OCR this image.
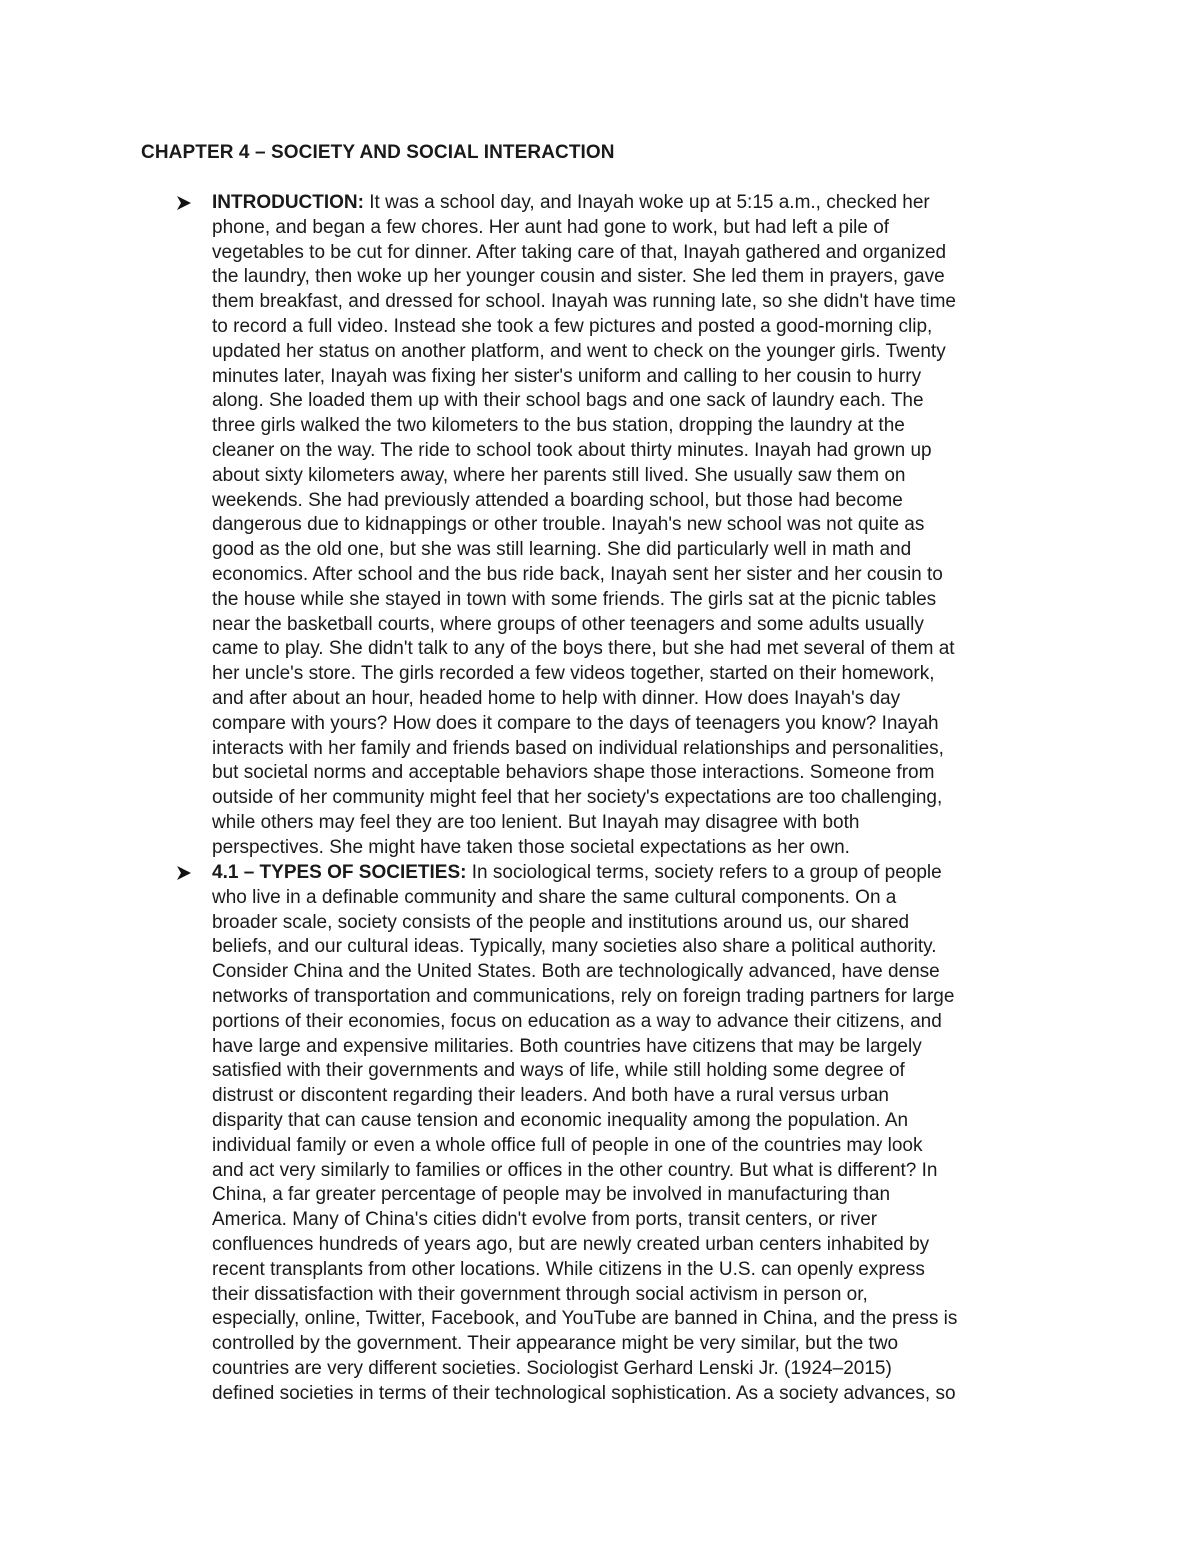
CHAPTER 4 – SOCIETY AND SOCIAL INTERACTION

INTRODUCTION: It was a school day, and Inayah woke up at 5:15 a.m., checked her
phone, and began a few chores. Her aunt had gone to work, but had left a pile of
vegetables to be cut for dinner. After taking care of that, Inayah gathered and organized
the laundry, then woke up her younger cousin and sister. She led them in prayers, gave
them breakfast, and dressed for school. Inayah was running late, so she didn't have time
to record a full video. Instead she took a few pictures and posted a good-morning clip,
updated her status on another platform, and went to check on the younger girls. Twenty
minutes later, Inayah was fixing her sister's uniform and calling to her cousin to hurry
along. She loaded them up with their school bags and one sack of laundry each. The
three girls walked the two kilometers to the bus station, dropping the laundry at the
cleaner on the way. The ride to school took about thirty minutes. Inayah had grown up
about sixty kilometers away, where her parents still lived. She usually saw them on
weekends. She had previously attended a boarding school, but those had become
dangerous due to kidnappings or other trouble. Inayah's new school was not quite as
good as the old one, but she was still learning. She did particularly well in math and
economics. After school and the bus ride back, Inayah sent her sister and her cousin to
the house while she stayed in town with some friends. The girls sat at the picnic tables
near the basketball courts, where groups of other teenagers and some adults usually
came to play. She didn't talk to any of the boys there, but she had met several of them at
her uncle's store. The girls recorded a few videos together, started on their homework,
and after about an hour, headed home to help with dinner. How does Inayah's day
compare with yours? How does it compare to the days of teenagers you know? Inayah
interacts with her family and friends based on individual relationships and personalities,
but societal norms and acceptable behaviors shape those interactions. Someone from
outside of her community might feel that her society's expectations are too challenging,
while others may feel they are too lenient. But Inayah may disagree with both
perspectives. She might have taken those societal expectations as her own.

4.1 – TYPES OF SOCIETIES: In sociological terms, society refers to a group of people
who live in a definable community and share the same cultural components. On a
broader scale, society consists of the people and institutions around us, our shared
beliefs, and our cultural ideas. Typically, many societies also share a political authority.
Consider China and the United States. Both are technologically advanced, have dense
networks of transportation and communications, rely on foreign trading partners for large
portions of their economies, focus on education as a way to advance their citizens, and
have large and expensive militaries. Both countries have citizens that may be largely
satisfied with their governments and ways of life, while still holding some degree of
distrust or discontent regarding their leaders. And both have a rural versus urban
disparity that can cause tension and economic inequality among the population. An
individual family or even a whole office full of people in one of the countries may look
and act very similarly to families or offices in the other country. But what is different? In
China, a far greater percentage of people may be involved in manufacturing than
America. Many of China's cities didn't evolve from ports, transit centers, or river
confluences hundreds of years ago, but are newly created urban centers inhabited by
recent transplants from other locations. While citizens in the U.S. can openly express
their dissatisfaction with their government through social activism in person or,
especially, online, Twitter, Facebook, and YouTube are banned in China, and the press is
controlled by the government. Their appearance might be very similar, but the two
countries are very different societies. Sociologist Gerhard Lenski Jr. (1924–2015)
defined societies in terms of their technological sophistication. As a society advances, so
